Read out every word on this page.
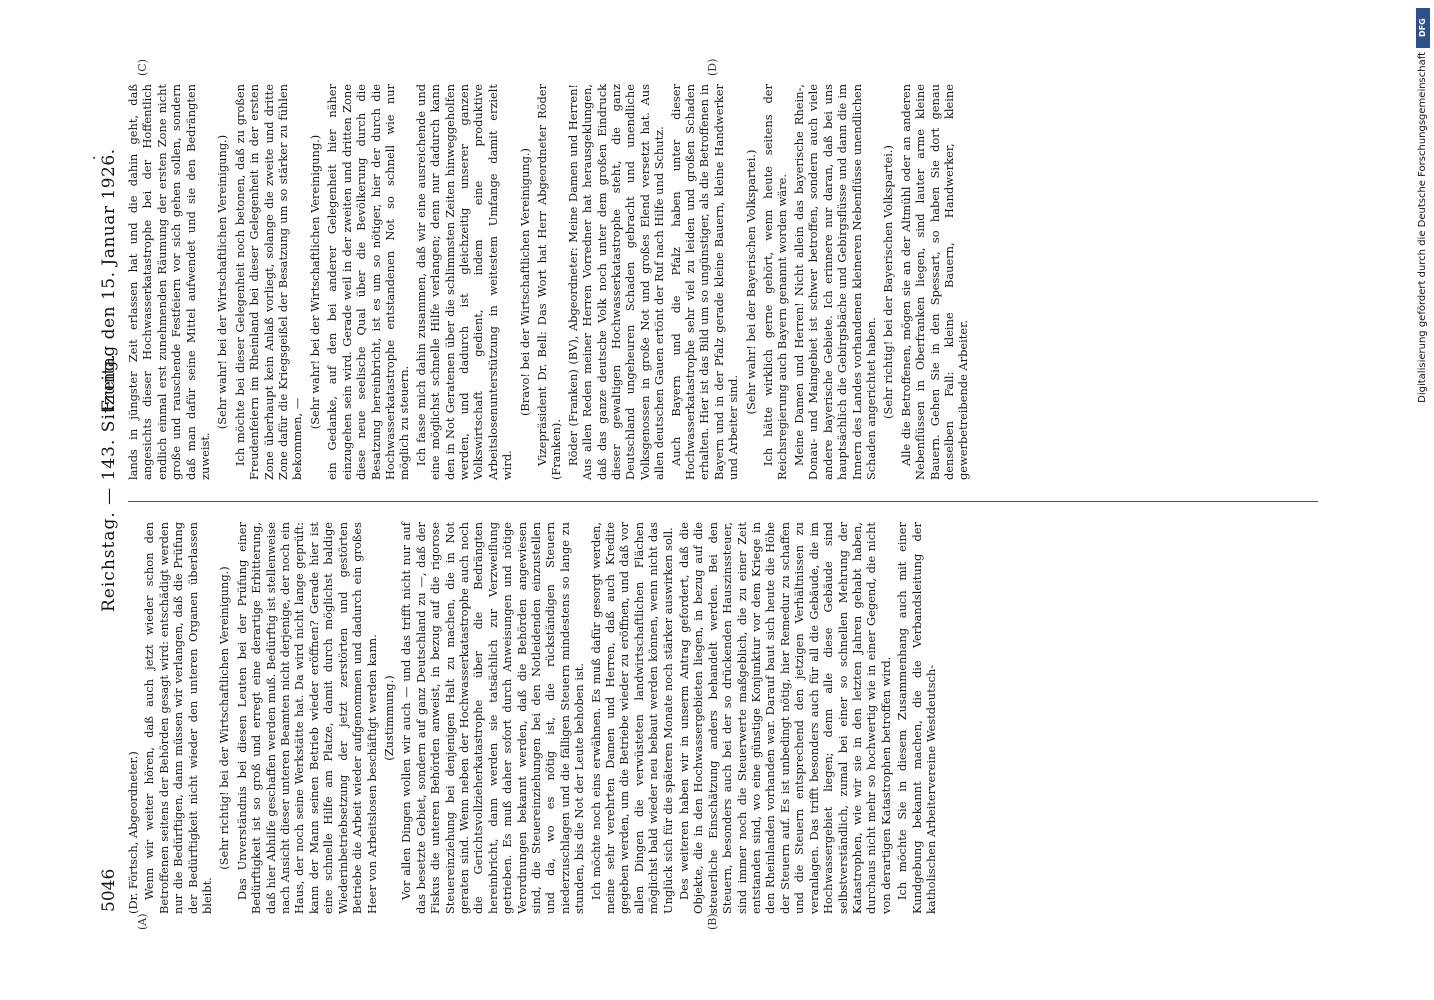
5046
Reichstag. — 143. Sitzung.
Freitag den 15. Januar 1926.
·
(A)	(B)
(C)	(D)

(Dr. Förtsch, Abgeordneter.) Wenn wir weiter hören, daß auch jetzt wieder schon den Betroffenen seitens der Behörden gesagt wird: entschädigt werden nur die Bedürftigen, dann müssen wir verlangen, daß die Prüfung der Bedürftigkeit nicht wieder den unteren Organen überlassen bleibt.

(Sehr richtig! bei der Wirtschaftlichen Vereinigung.) Das Unverständnis bei diesen Leuten bei der Prüfung einer Bedürftigkeit ist so groß und erregt eine derartige Erbitterung, daß hier Abhilfe geschaffen werden muß. Bedürftig ist stellenweise nach Ansicht dieser unteren Beamten nicht derjenige, der noch ein Haus, der noch seine Werkstätte hat. Da wird nicht lange geprüft: kann der Mann seinen Betrieb wieder eröffnen? Gerade hier ist eine schnelle Hilfe am Platze, damit durch möglichst baldige Wiederinbetriebsetzung der jetzt zerstörten und gestörten Betriebe die Arbeit wieder aufgenommen und dadurch ein großes Heer von Arbeitslosen beschäftigt werden kann. (Zustimmung.) Vor allen Dingen wollen wir auch — und das trifft nicht nur auf das besetzte Gebiet, sondern auf ganz Deutschland zu —, daß der Fiskus die unteren Behörden anweist, in bezug auf die rigorose Steuereinziehung bei denjenigen Halt zu machen, die in Not geraten sind. Wenn neben der Hochwasserkatastrophe auch noch die Gerichtsvollzieherkatastrophe über die Bedrängten hereinbricht, dann werden sie tatsächlich zur Verzweiflung getrieben. Es muß daher sofort durch Anweisungen und nötige Verordnungen bekannt werden, daß die Behörden angewiesen sind, die Steuereinziehungen bei den Notleidenden einzustellen und da, wo es nötig ist, die rückständigen Steuern niederzuschlagen und die fälligen Steuern mindestens so lange zu stunden, bis die Not der Leute behoben ist. Ich möchte noch eins erwähnen. Es muß dafür gesorgt werden, meine sehr verehrten Damen und Herren, daß auch Kredite gegeben werden, um die Betriebe wieder zu eröffnen, und daß vor allen Dingen die verwüsteten landwirtschaftlichen Flächen möglichst bald wieder neu bebaut werden können, wenn nicht das Unglück sich für die späteren Monate noch stärker auswirken soll. Des weiteren haben wir in unserm Antrag gefordert, daß die Objekte, die in den Hochwassergebieten liegen, in bezug auf die steuerliche Einschätzung anders behandelt werden. Bei den Steuern, besonders auch bei der so drückenden Hauszinssteuer, sind immer noch die Steuerwerte maßgeblich, die zu einer Zeit entstanden sind, wo eine günstige Konjunktur vor dem Kriege in den Rheinlanden vorhanden war. Darauf baut sich heute die Höhe der Steuern auf. Es ist unbedingt nötig, hier Remedur zu schaffen und die Steuern entsprechend den jetzigen Verhältnissen zu veranlagen. Das trifft besonders auch für all die Gebäude, die im Hochwassergebiet liegen; denn alle diese Gebäude sind selbstverständlich, zumal bei einer so schnellen Mehrung der Katastrophen, wie wir sie in den letzten Jahren gehabt haben, durchaus nicht mehr so hochwertig wie in einer Gegend, die nicht von derartigen Katastrophen betroffen wird. Ich möchte Sie in diesem Zusammenhang auch mit einer Kundgebung bekannt machen, die die Verbandsleitung der katholischen Arbeitervereine Westdeutsch-

lands in jüngster Zeit erlassen hat und die dahin geht, daß angesichts dieser Hochwasserkatastrophe bei der Hoffentlich endlich einmal erst zunehmenden Räumung der ersten Zone nicht große und rauschende Festfeiern vor sich gehen sollen, sondern daß man dafür seine Mittel aufwendet und sie den Bedrängten zuweist.

(Sehr wahr! bei der Wirtschaftlichen Vereinigung.) Ich möchte bei dieser Gelegenheit noch betonen, daß zu großen Freudenfeiern im Rheinland bei dieser Gelegenheit in der ersten Zone überhaupt kein Anlaß vorliegt, solange die zweite und dritte Zone dafür die Kriegsgeißel der Besatzung um so stärker zu fühlen bekommen, —

(Sehr wahr! bei der Wirtschaftlichen Vereinigung.) ein Gedanke, auf den bei anderer Gelegenheit hier näher einzugehen sein wird. Gerade weil in der zweiten und dritten Zone diese neue seelische Qual über die Bevölkerung durch die Besatzung hereinbricht, ist es um so nötiger, hier der durch die Hochwasserkatastrophe entstandenen Not so schnell wie nur möglich zu steuern. Ich fasse mich dahin zusammen, daß wir eine ausreichende und eine möglichst schnelle Hilfe verlangen; denn nur dadurch kann den in Not Geratenen über die schlimmsten Zeiten hinweggeholfen werden, und dadurch ist gleichzeitig unserer ganzen Volkswirtschaft gedient, indem eine produktive Arbeitslosenunterstützung in weitestem Umfange damit erzielt wird.

(Bravo! bei der Wirtschaftlichen Vereinigung.) Vizepräsident Dr. Bell: Das Wort hat Herr Abgeordneter Röder (Franken). Röder (Franken) (BV), Abgeordneter: Meine Damen und Herren! Aus allen Reden meiner Herren Vorredner hat herausgeklungen, daß das ganze deutsche Volk noch unter dem großen Eindruck dieser gewaltigen Hochwasserkatastrophe steht, die ganz Deutschland ungeheuren Schaden gebracht und unendliche Volksgenossen in große Not und großes Elend versetzt hat. Aus allen deutschen Gauen ertönt der Ruf nach Hilfe und Schutz. Auch Bayern und die Pfalz haben unter dieser Hochwasserkatastrophe sehr viel zu leiden und großen Schaden erhalten. Hier ist das Bild um so ungünstiger, als die Betroffenen in Bayern und in der Pfalz gerade kleine Bauern, kleine Handwerker und Arbeiter sind.

(Sehr wahr! bei der Bayerischen Volkspartei.) Ich hätte wirklich gerne gehört, wenn heute seitens der Reichsregierung auch Bayern genannt worden wäre. Meine Damen und Herren! Nicht allein das bayerische Rhein-, Donau- und Maingebiet ist schwer betroffen, sondern auch viele andere bayerische Gebiete. Ich erinnere nur daran, daß bei uns hauptsächlich die Gebirgsbäche und Gebirgsflüsse und dann die im Innern des Landes vorhandenen kleineren Nebenflüsse unendlichen Schaden angerichtet haben. (Sehr richtig! bei der Bayerischen Volkspartei.) Alle die Betroffenen, mögen sie an der Altmühl oder an anderen Nebenflüssen in Oberfranken liegen, sind lauter arme kleine Bauern. Gehen Sie in den Spessart, so haben Sie dort genau denselben Fall: kleine Bauern, Handwerker, kleine gewerbetreibende Arbeiter.

DFG
Digitalisierung gefördert durch die Deutsche Forschungsgemeinschaft
